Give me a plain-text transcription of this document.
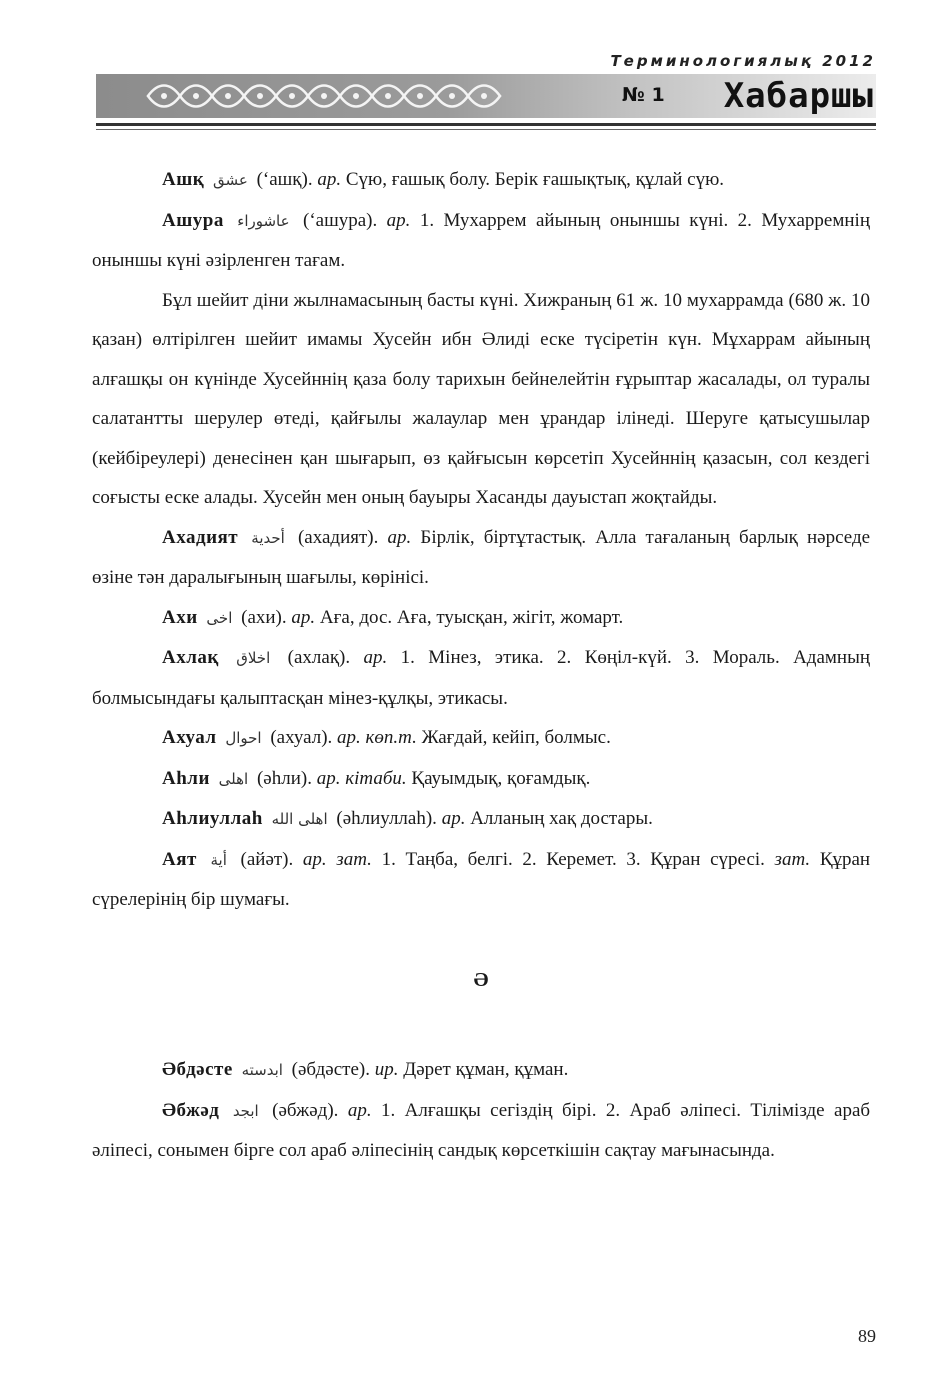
Терминологиялық 2012
№ 1 Хабаршы

Ашқ عشق (‘ашқ). ар. Сүю, ғашық болу. Берік ғашықтық, құлай сүю.

Ашура عاشوراء (‘ашура). ар. 1. Мухаррем айының оныншы күні. 2. Мухарремнің оныншы күні әзірленген тағам.

Бұл шейит діни жылнамасының басты күні. Хижраның 61 ж. 10 мухаррамда (680 ж. 10 қазан) өлтірілген шейит имамы Хусейн ибн Әлиді еске түсіретін күн. Мұхаррам айының алғашқы он күнінде Хусейннің қаза болу тарихын бейнелейтін ғұрыптар жасалады, ол туралы салатантты шерулер өтеді, қайғылы жалаулар мен ұрандар ілінеді. Шеруге қатысушылар (кейбіреулері) денесінен қан шығарып, өз қайғысын көрсетіп Хусейннің қазасын, сол кездегі соғысты еске алады. Хусейн мен оның бауыры Хасанды дауыстап жоқтайды.

Ахадият أحدية (ахадият). ар. Бірлік, біртұтастық. Алла тағаланың барлық нәрседе өзіне тән даралығының шағылы, көрінісі.

Ахи اخى (ахи). ар. Аға, дос. Аға, туысқан, жігіт, жомарт.

Ахлақ اخلاق (ахлақ). ар. 1. Мінез, этика. 2. Көңіл-күй. 3. Мораль. Адамның болмысындағы қалыптасқан мінез-құлқы, этикасы.

Ахуал احوال (ахуал). ар. көп.т. Жағдай, кейіп, болмыс.

Аһли اهلى (әһли). ар. кітаби. Қауымдық, қоғамдық.

Аһлиуллаһ اهلى الله (әһлиуллаһ). ар. Алланың хақ достары.

Аят أية (айәт). ар. зат. 1. Таңба, белгі. 2. Керемет. 3. Құран сүресі. зат. Құран сүрелерінің бір шумағы.

Ә

Әбдәсте ابدسته (әбдәсте). ир. Дәрет құман, құман.

Әбжәд ابجد (әбжәд). ар. 1. Алғашқы сегіздің бірі. 2. Араб әліпесі. Тілімізде араб әліпесі, сонымен бірге сол араб әліпесінің сандық көрсеткішін сақтау мағынасында.

89
